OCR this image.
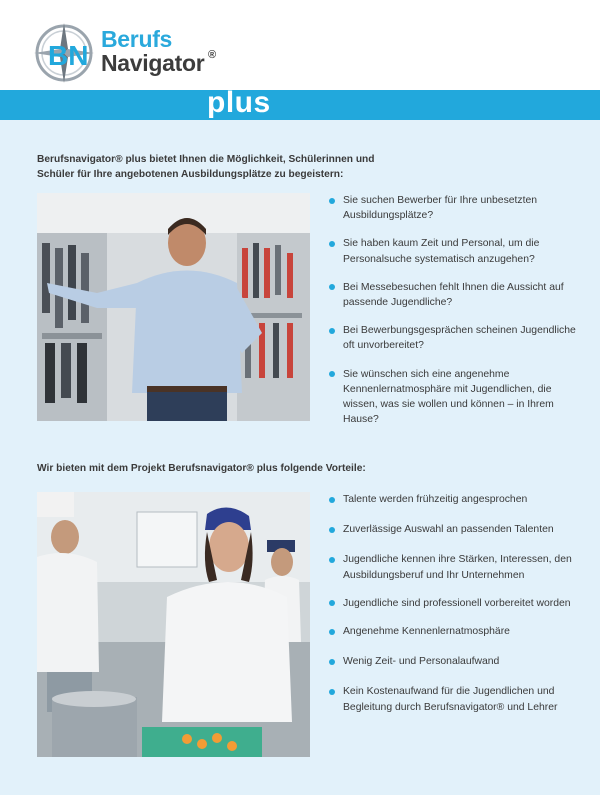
BN
Berufs
Navigator ®
plus
Berufsnavigator® plus bietet Ihnen die Möglichkeit, Schülerinnen und Schüler für Ihre angebotenen Ausbildungsplätze zu begeistern:
Sie suchen Bewerber für Ihre unbesetzten Ausbildungsplätze?
Sie haben kaum Zeit und Personal, um die Personalsuche systematisch anzugehen?
Bei Messebesuchen fehlt Ihnen die Aussicht auf passende Jugendliche?
Bei Bewerbungsgesprächen scheinen Jugendliche oft unvorbereitet?
Sie wünschen sich eine angenehme Kennenlernatmosphäre mit Jugendlichen, die wissen, was sie wollen und können – in Ihrem Hause?
Wir bieten mit dem Projekt Berufsnavigator® plus folgende Vorteile:
Talente werden frühzeitig angesprochen
Zuverlässige Auswahl an passenden Talenten
Jugendliche kennen ihre Stärken, Interessen, den Ausbildungsberuf und Ihr Unternehmen
Jugendliche sind professionell vorbereitet worden
Angenehme Kennenlernatmosphäre
Wenig Zeit- und Personalaufwand
Kein Kostenaufwand für die Jugendlichen und Begleitung durch Berufsnavigator® und Lehrer
